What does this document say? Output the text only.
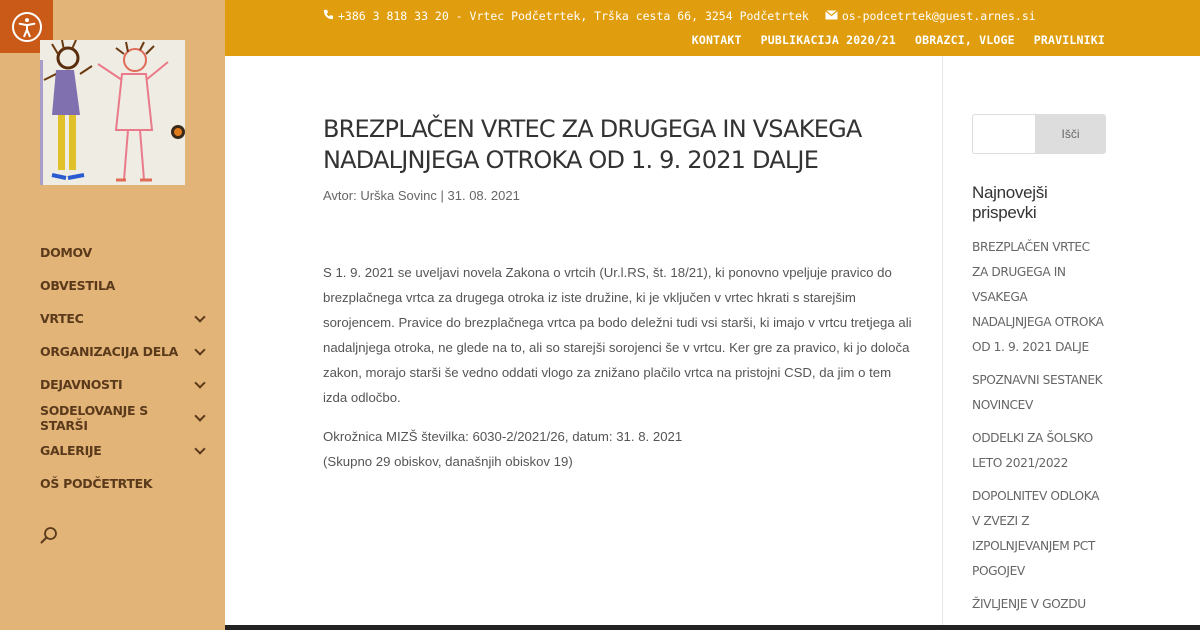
DOMOV
OBVESTILA
VRTEC
ORGANIZACIJA DELA
DEJAVNOSTI
SODELOVANJE S STARŠI
GALERIJE
OŠ PODČETRTEK
+386 3 818 33 20 - Vrtec Podčetrtek, Trška cesta 66, 3254 Podčetrtek	os-podcetrtek@guest.arnes.si
KONTAKT PUBLIKACIJA 2020/21 OBRAZCI, VLOGE PRAVILNIKI
BREZPLAČEN VRTEC ZA DRUGEGA IN VSAKEGA NADALJNJEGA OTROKA OD 1. 9. 2021 DALJE
Avtor: Urška Sovinc | 31. 08. 2021

S 1. 9. 2021 se uveljavi novela Zakona o vrtcih (Ur.l.RS, št. 18/21), ki ponovno vpeljuje pravico do brezplačnega vrtca za drugega otroka iz iste družine, ki je vključen v vrtec hkrati s starejšim sorojencem. Pravice do brezplačnega vrtca pa bodo deležni tudi vsi starši, ki imajo v vrtcu tretjega ali nadaljnjega otroka, ne glede na to, ali so starejši sorojenci še v vrtcu. Ker gre za pravico, ki jo določa zakon, morajo starši še vedno oddati vlogo za znižano plačilo vrtca na pristojni CSD, da jim o tem izda odločbo.

Okrožnica MIZŠ številka: 6030-2/2021/26, datum: 31. 8. 2021
(Skupno 29 obiskov, današnjih obiskov 19)

Išči
Najnovejši prispevki
BREZPLAČEN VRTEC ZA DRUGEGA IN VSAKEGA NADALJNJEGA OTROKA OD 1. 9. 2021 DALJE
SPOZNAVNI SESTANEK NOVINCEV
ODDELKI ZA ŠOLSKO LETO 2021/2022
DOPOLNITEV ODLOKA V ZVEZI Z IZPOLNJEVANJEM PCT POGOJEV
ŽIVLJENJE V GOZDU
